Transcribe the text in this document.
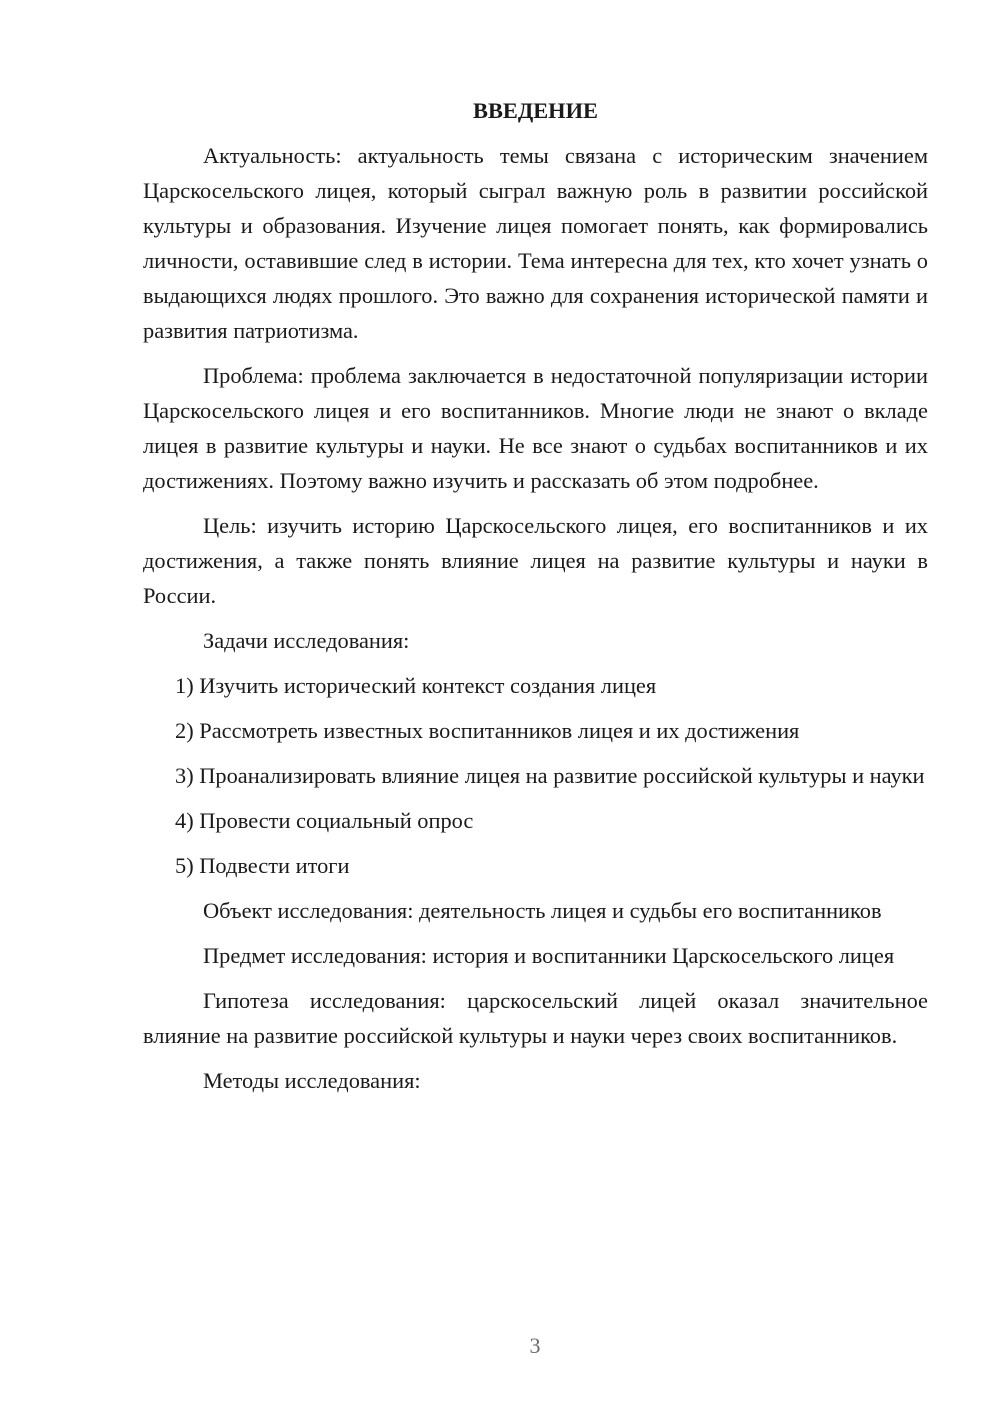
ВВЕДЕНИЕ

Актуальность: актуальность темы связана с историческим значением Царскосельского лицея, который сыграл важную роль в развитии российской культуры и образования. Изучение лицея помогает понять, как формировались личности, оставившие след в истории. Тема интересна для тех, кто хочет узнать о выдающихся людях прошлого. Это важно для сохранения исторической памяти и развития патриотизма.

Проблема: проблема заключается в недостаточной популяризации истории Царскосельского лицея и его воспитанников. Многие люди не знают о вкладе лицея в развитие культуры и науки. Не все знают о судьбах воспитанников и их достижениях. Поэтому важно изучить и рассказать об этом подробнее.

Цель: изучить историю Царскосельского лицея, его воспитанников и их достижения, а также понять влияние лицея на развитие культуры и науки в России.

Задачи исследования:

1) Изучить исторический контекст создания лицея

2) Рассмотреть известных воспитанников лицея и их достижения

3) Проанализировать влияние лицея на развитие российской культуры и науки

4) Провести социальный опрос

5) Подвести итоги

Объект исследования: деятельность лицея и судьбы его воспитанников

Предмет исследования: история и воспитанники Царскосельского лицея

Гипотеза исследования: царскосельский лицей оказал значительное влияние на развитие российской культуры и науки через своих воспитанников.

Методы исследования:

3
